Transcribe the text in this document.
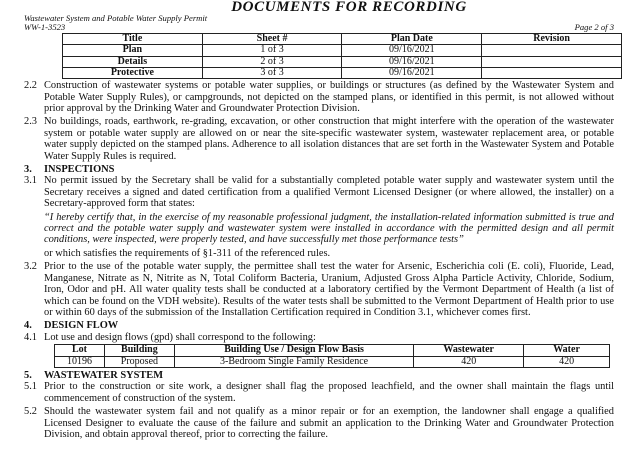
DOCUMENTS FOR RECORDING
Wastewater System and Potable Water Supply Permit
WW-1-3523	Page 2 of 3
Title	Sheet #	Plan Date	Revision
Plan	1 of 3	09/16/2021	
Details	2 of 3	09/16/2021	
Protective	3 of 3	09/16/2021	
2.2 Construction of wastewater systems or potable water supplies, or buildings or structures (as defined by the Wastewater System and Potable Water Supply Rules), or campgrounds, not depicted on the stamped plans, or identified in this permit, is not allowed without prior approval by the Drinking Water and Groundwater Protection Division.
2.3 No buildings, roads, earthwork, re-grading, excavation, or other construction that might interfere with the operation of the wastewater system or potable water supply are allowed on or near the site-specific wastewater system, wastewater replacement area, or potable water supply depicted on the stamped plans. Adherence to all isolation distances that are set forth in the Wastewater System and Potable Water Supply Rules is required.
3.	INSPECTIONS
3.1 No permit issued by the Secretary shall be valid for a substantially completed potable water supply and wastewater system until the Secretary receives a signed and dated certification from a qualified Vermont Licensed Designer (or where allowed, the installer) on a Secretary-approved form that states:
“I hereby certify that, in the exercise of my reasonable professional judgment, the installation-related information submitted is true and correct and the potable water supply and wastewater system were installed in accordance with the permitted design and all permit conditions, were inspected, were properly tested, and have successfully met those performance tests”
or which satisfies the requirements of §1-311 of the referenced rules.
3.2 Prior to the use of the potable water supply, the permittee shall test the water for Arsenic, Escherichia coli (E. coli), Fluoride, Lead, Manganese, Nitrate as N, Nitrite as N, Total Coliform Bacteria, Uranium, Adjusted Gross Alpha Particle Activity, Chloride, Sodium, Iron, Odor and pH. All water quality tests shall be conducted at a laboratory certified by the Vermont Department of Health (a list of which can be found on the VDH website). Results of the water tests shall be submitted to the Vermont Department of Health prior to use or within 60 days of the submission of the Installation Certification required in Condition 3.1, whichever comes first.
4.	DESIGN FLOW
4.1 Lot use and design flows (gpd) shall correspond to the following:
Lot	Building	Building Use / Design Flow Basis	Wastewater	Water
10196	Proposed	3-Bedroom Single Family Residence	420	420
5.	WASTEWATER SYSTEM
5.1 Prior to the construction or site work, a designer shall flag the proposed leachfield, and the owner shall maintain the flags until commencement of construction of the system.
5.2 Should the wastewater system fail and not qualify as a minor repair or for an exemption, the landowner shall engage a qualified Licensed Designer to evaluate the cause of the failure and submit an application to the Drinking Water and Groundwater Protection Division, and obtain approval thereof, prior to correcting the failure.
